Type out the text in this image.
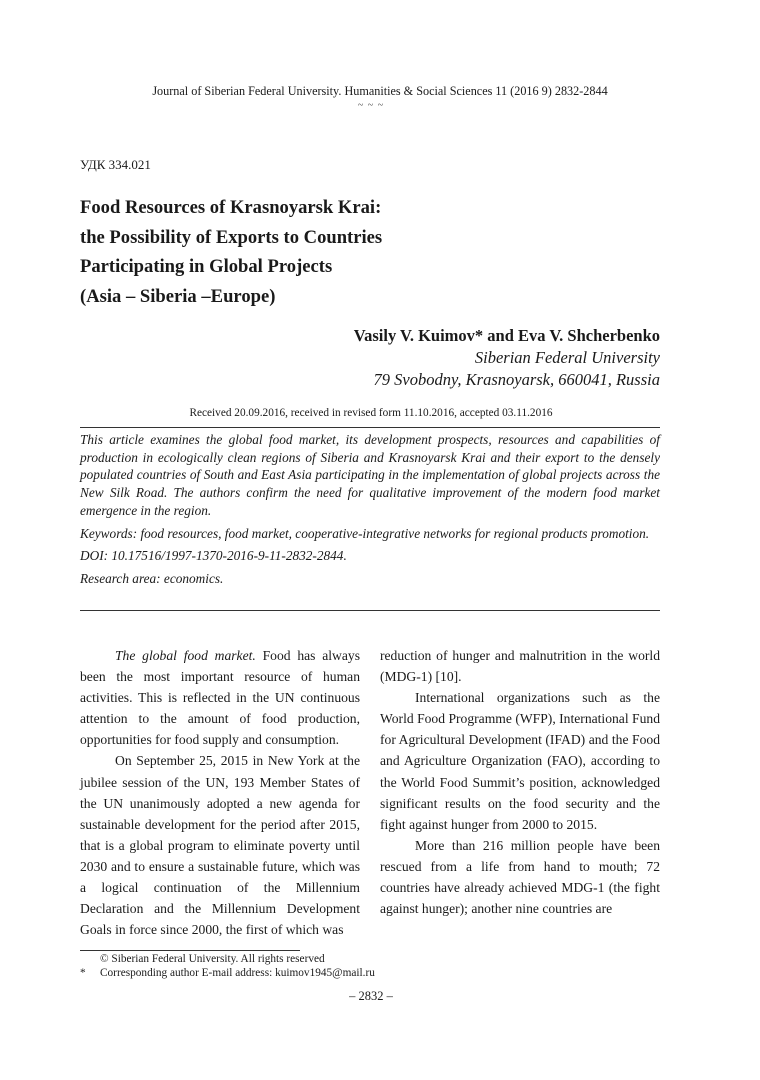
Journal of Siberian Federal University. Humanities & Social Sciences 11 (2016 9) 2832-2844
~ ~ ~
УДК 334.021
Food Resources of Krasnoyarsk Krai:
the Possibility of Exports to Countries
Participating in Global Projects
(Asia – Siberia –Europe)
Vasily V. Kuimov* and Eva V. Shcherbenko
Siberian Federal University
79 Svobodny, Krasnoyarsk, 660041, Russia
Received 20.09.2016, received in revised form 11.10.2016, accepted 03.11.2016

This article examines the global food market, its development prospects, resources and capabilities of production in ecologically clean regions of Siberia and Krasnoyarsk Krai and their export to the densely populated countries of South and East Asia participating in the implementation of global projects across the New Silk Road. The authors confirm the need for qualitative improvement of the modern food market emergence in the region.

Keywords: food resources, food market, cooperative-integrative networks for regional products promotion.

DOI: 10.17516/1997-1370-2016-9-11-2832-2844.

Research area: economics.

The global food market. Food has always been the most important resource of human activities. This is reflected in the UN continuous attention to the amount of food production, opportunities for food supply and consumption.

On September 25, 2015 in New York at the jubilee session of the UN, 193 Member States of the UN unanimously adopted a new agenda for sustainable development for the period after 2015, that is a global program to eliminate poverty until 2030 and to ensure a sustainable future, which was a logical continuation of the Millennium Declaration and the Millennium Development Goals in force since 2000, the first of which was

reduction of hunger and malnutrition in the world (MDG-1) [10].

International organizations such as the World Food Programme (WFP), International Fund for Agricultural Development (IFAD) and the Food and Agriculture Organization (FAO), according to the World Food Summit’s position, acknowledged significant results on the food security and the fight against hunger from 2000 to 2015.

More than 216 million people have been rescued from a life from hand to mouth; 72 countries have already achieved MDG-1 (the fight against hunger); another nine countries are

© Siberian Federal University. All rights reserved
* Corresponding author E-mail address: kuimov1945@mail.ru
– 2832 –
